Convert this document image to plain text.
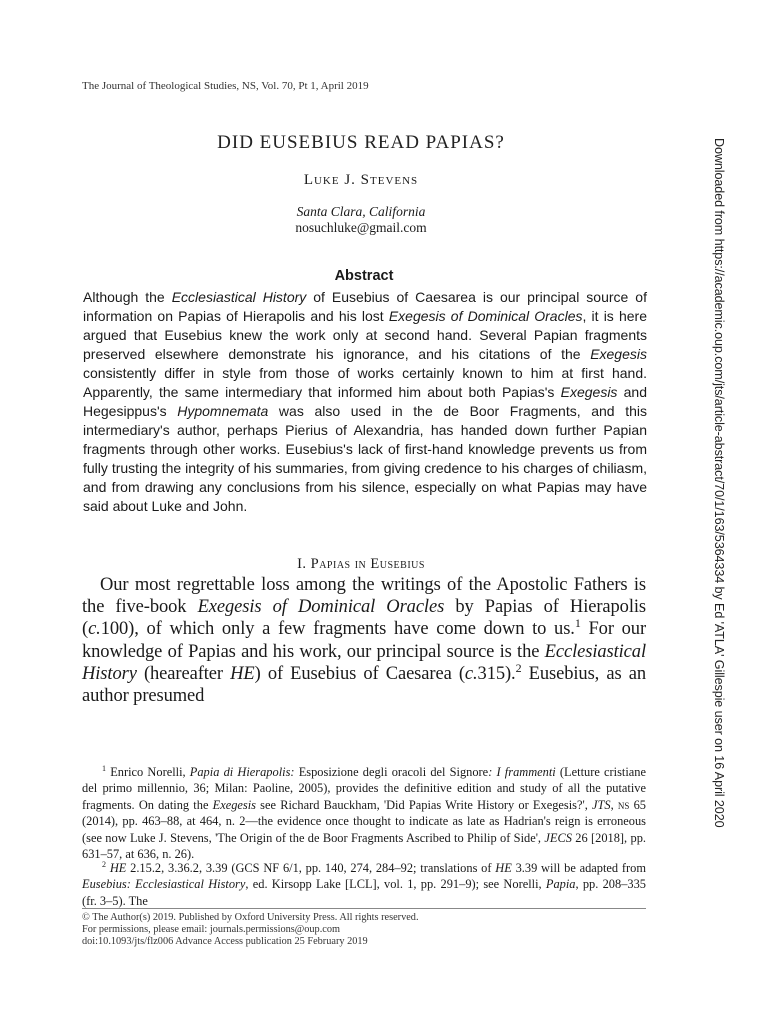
The Journal of Theological Studies, NS, Vol. 70, Pt 1, April 2019
DID EUSEBIUS READ PAPIAS?
Luke J. Stevens
Santa Clara, California
nosuchluke@gmail.com
Abstract
Although the Ecclesiastical History of Eusebius of Caesarea is our principal source of information on Papias of Hierapolis and his lost Exegesis of Dominical Oracles, it is here argued that Eusebius knew the work only at second hand. Several Papian fragments preserved elsewhere demonstrate his ignorance, and his citations of the Exegesis consistently differ in style from those of works certainly known to him at first hand. Apparently, the same intermediary that informed him about both Papias's Exegesis and Hegesippus's Hypomnemata was also used in the de Boor Fragments, and this intermediary's author, perhaps Pierius of Alexandria, has handed down further Papian fragments through other works. Eusebius's lack of first-hand knowledge prevents us from fully trusting the integrity of his summaries, from giving credence to his charges of chiliasm, and from drawing any conclusions from his silence, especially on what Papias may have said about Luke and John.
I. Papias in Eusebius
Our most regrettable loss among the writings of the Apostolic Fathers is the five-book Exegesis of Dominical Oracles by Papias of Hierapolis (c.100), of which only a few fragments have come down to us.$^1$ For our knowledge of Papias and his work, our principal source is the Ecclesiastical History (heareafter HE) of Eusebius of Caesarea (c.315).$^2$ Eusebius, as an author presumed
$^1$ Enrico Norelli, Papia di Hierapolis: Esposizione degli oracoli del Signore: I frammenti (Letture cristiane del primo millennio, 36; Milan: Paoline, 2005), provides the definitive edition and study of all the putative fragments. On dating the Exegesis see Richard Bauckham, 'Did Papias Write History or Exegesis?', JTS, ns 65 (2014), pp. 463–88, at 464, n. 2—the evidence once thought to indicate as late as Hadrian's reign is erroneous (see now Luke J. Stevens, 'The Origin of the de Boor Fragments Ascribed to Philip of Side', JECS 26 [2018], pp. 631–57, at 636, n. 26).
$^2$ HE 2.15.2, 3.36.2, 3.39 (GCS NF 6/1, pp. 140, 274, 284–92; translations of HE 3.39 will be adapted from Eusebius: Ecclesiastical History, ed. Kirsopp Lake [LCL], vol. 1, pp. 291–9); see Norelli, Papia, pp. 208–335 (fr. 3–5). The
© The Author(s) 2019. Published by Oxford University Press. All rights reserved.
For permissions, please email: journals.permissions@oup.com
doi:10.1093/jts/flz006 Advance Access publication 25 February 2019
Downloaded from https://academic.oup.com/jts/article-abstract/70/1/163/5364334 by Ed 'ATLA' Gillespie user on 16 April 2020
